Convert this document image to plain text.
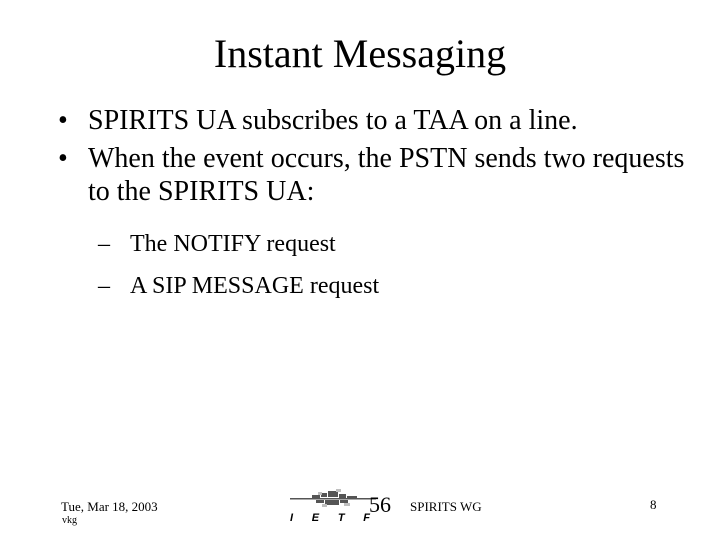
Instant Messaging
• SPIRITS UA subscribes to a TAA on a line.
• When the event occurs, the PSTN sends two requests to the SPIRITS UA:
– The NOTIFY request
– A SIP MESSAGE request
Tue, Mar 18, 2003
vkg	I E T F
56 SPIRITS WG	8
